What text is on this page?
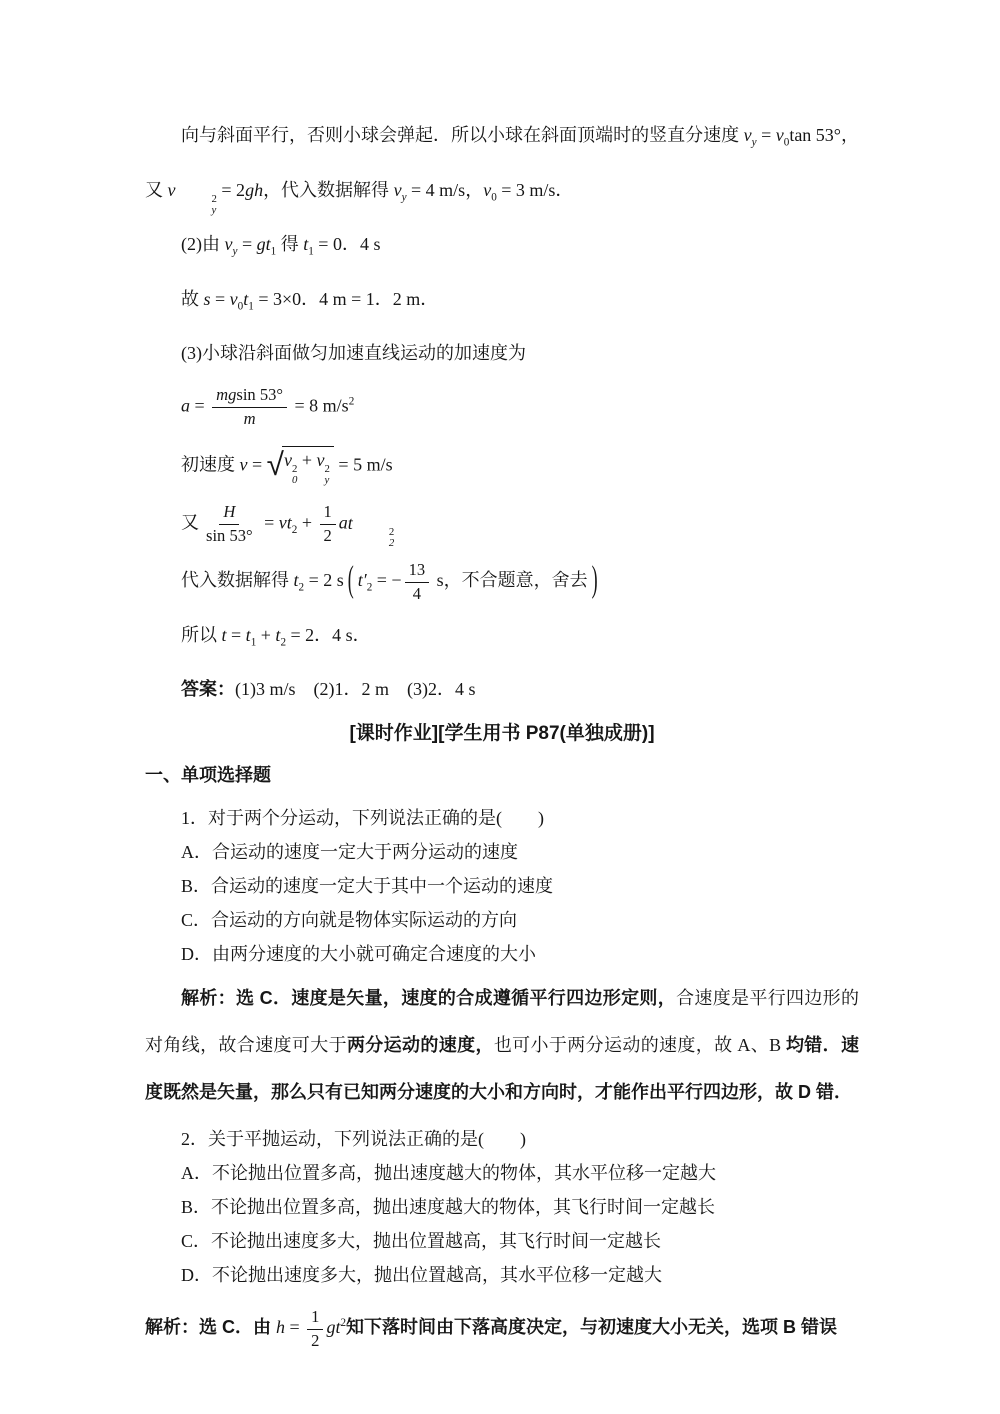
向与斜面平行，否则小球会弹起．所以小球在斜面顶端时的竖直分速度 $v_y = v_0\tan$ 53°，又 v	2
y
= 2gh，代入数据解得 $v_y = 4$ m/s，$v_0 = 3$ m/s．
(2)由 $v_y = gt_1$ 得 $t_1 = 0$．4 s
故 $s = v_0t_1 = 3\times 0$．4 m = 1．2 m．
(3)小球沿斜面做匀加速直线运动的加速度为
$a = \frac{mgsin 53^\circ}{m} = 8$ $m/s^2$
初速度 v = √ v 2
0
+ v 2
y
= 5 m/s
又 $\frac{H}{\sin 53^\circ} = vt_2 + \frac{1}{2}$ at	2
2
代入数据解得 $t_2 = 2$ s ( $t'_2$ = − $\frac{13}{4}$ s，不合题意，舍去 )
所以 $t = t_1 + t_2 = 2$．4 s．
答案：(1)3 m/s　(2)1．2 m　(3)2．4 s
[课时作业][学生用书 P87(单独成册)]
一、单项选择题
1．对于两个分运动，下列说法正确的是(　　)
A．合运动的速度一定大于两分运动的速度
B．合运动的速度一定大于其中一个运动的速度
C．合运动的方向就是物体实际运动的方向
D．由两分速度的大小就可确定合速度的大小
解析：选 C．速度是矢量，速度的合成遵循平行四边形定则，合速度是平行四边形的对角线，故合速度可大于两分运动的速度，也可小于两分运动的速度，故 A、B 均错．速度既然是矢量，那么只有已知两分速度的大小和方向时，才能作出平行四边形，故 D 错．
2．关于平抛运动，下列说法正确的是(　　)
A．不论抛出位置多高，抛出速度越大的物体，其水平位移一定越大
B．不论抛出位置多高，抛出速度越大的物体，其飞行时间一定越长
C．不论抛出速度多大，抛出位置越高，其飞行时间一定越长
D．不论抛出速度多大，抛出位置越高，其水平位移一定越大
解析：选 C．由 $h = \frac{1}{2} gt^2$知下落时间由下落高度决定，与初速度大小无关，选项 B 错误
